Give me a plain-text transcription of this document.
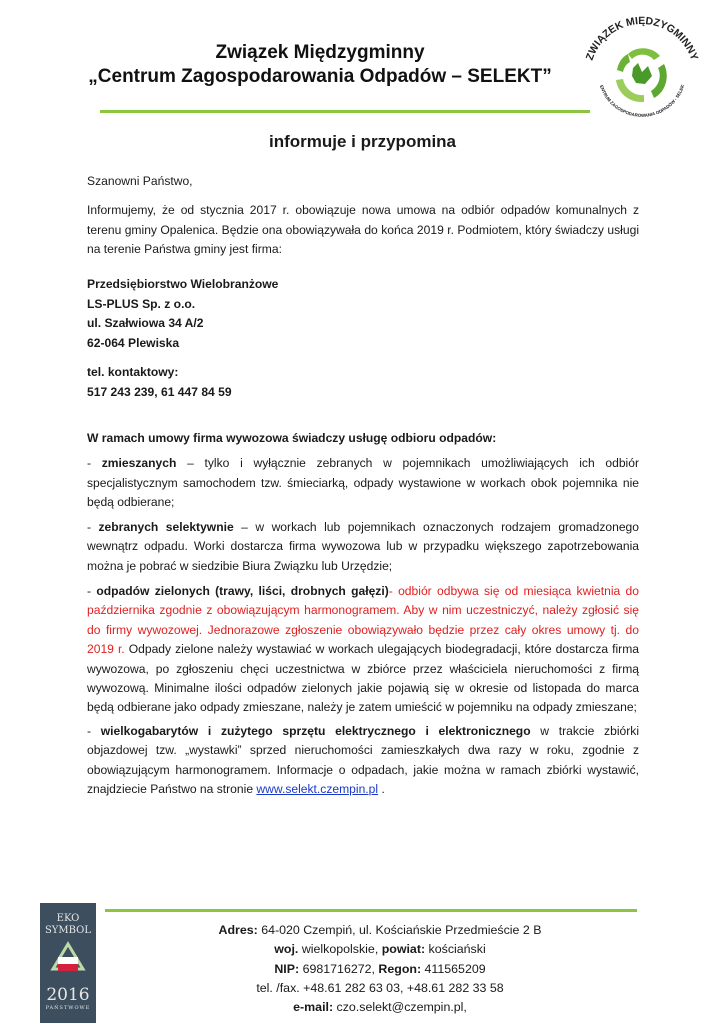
Związek Międzygminny
„Centrum Zagospodarowania Odpadów – SELEKT”
ZWIĄZEK MIĘDZYGMINNY
ENTRUM ZAGOSPODAROWANIA ODPADÓW - SELEK
informuje i przypomina

Szanowni Państwo,

Informujemy, że od stycznia 2017 r. obowiązuje nowa umowa na odbiór odpadów komunalnych z terenu gminy Opalenica. Będzie ona obowiązywała do końca 2019 r. Podmiotem, który świadczy usługi na terenie Państwa gminy jest firma:

Przedsiębiorstwo Wielobranżowe

LS-PLUS Sp. z o.o.

ul. Szałwiowa 34 A/2

62-064 Plewiska

tel. kontaktowy:

517 243 239, 61 447 84 59

W ramach umowy firma wywozowa świadczy usługę odbioru odpadów:

- zmieszanych – tylko i wyłącznie zebranych w pojemnikach umożliwiających ich odbiór specjalistycznym samochodem tzw. śmieciarką, odpady wystawione w workach obok pojemnika nie będą odbierane;

- zebranych selektywnie – w workach lub pojemnikach oznaczonych rodzajem gromadzonego wewnątrz odpadu. Worki dostarcza firma wywozowa lub w przypadku większego zapotrzebowania można je pobrać w siedzibie Biura Związku lub Urzędzie;

- odpadów zielonych (trawy, liści, drobnych gałęzi)- odbiór odbywa się od miesiąca kwietnia do października zgodnie z obowiązującym harmonogramem. Aby w nim uczestniczyć, należy zgłosić się do firmy wywozowej. Jednorazowe zgłoszenie obowiązywało będzie przez cały okres umowy tj. do 2019 r. Odpady zielone należy wystawiać w workach ulegających biodegradacji, które dostarcza firma wywozowa, po zgłoszeniu chęci uczestnictwa w zbiórce przez właściciela nieruchomości z firmą wywozową. Minimalne ilości odpadów zielonych jakie pojawią się w okresie od listopada do marca będą odbierane jako odpady zmieszane, należy je zatem umieścić w pojemniku na odpady zmieszane;

- wielkogabarytów i zużytego sprzętu elektrycznego i elektronicznego w trakcie zbiórki objazdowej tzw. „wystawki” sprzed nieruchomości zamieszkałych dwa razy w roku, zgodnie z obowiązującym harmonogramem. Informacje o odpadach, jakie można w ramach zbiórki wystawić, znajdziecie Państwo na stronie www.selekt.czempin.pl .

EKO
SYMBOL
2016
PAŃSTWOWE
Adres: 64-020 Czempiń, ul. Kościańskie Przedmieście 2 B
woj. wielkopolskie, powiat: kościański
NIP: 6981716272, Regon: 411565209
tel. /fax. +48.61 282 63 03, +48.61 282 33 58
e-mail: czo.selekt@czempin.pl,
